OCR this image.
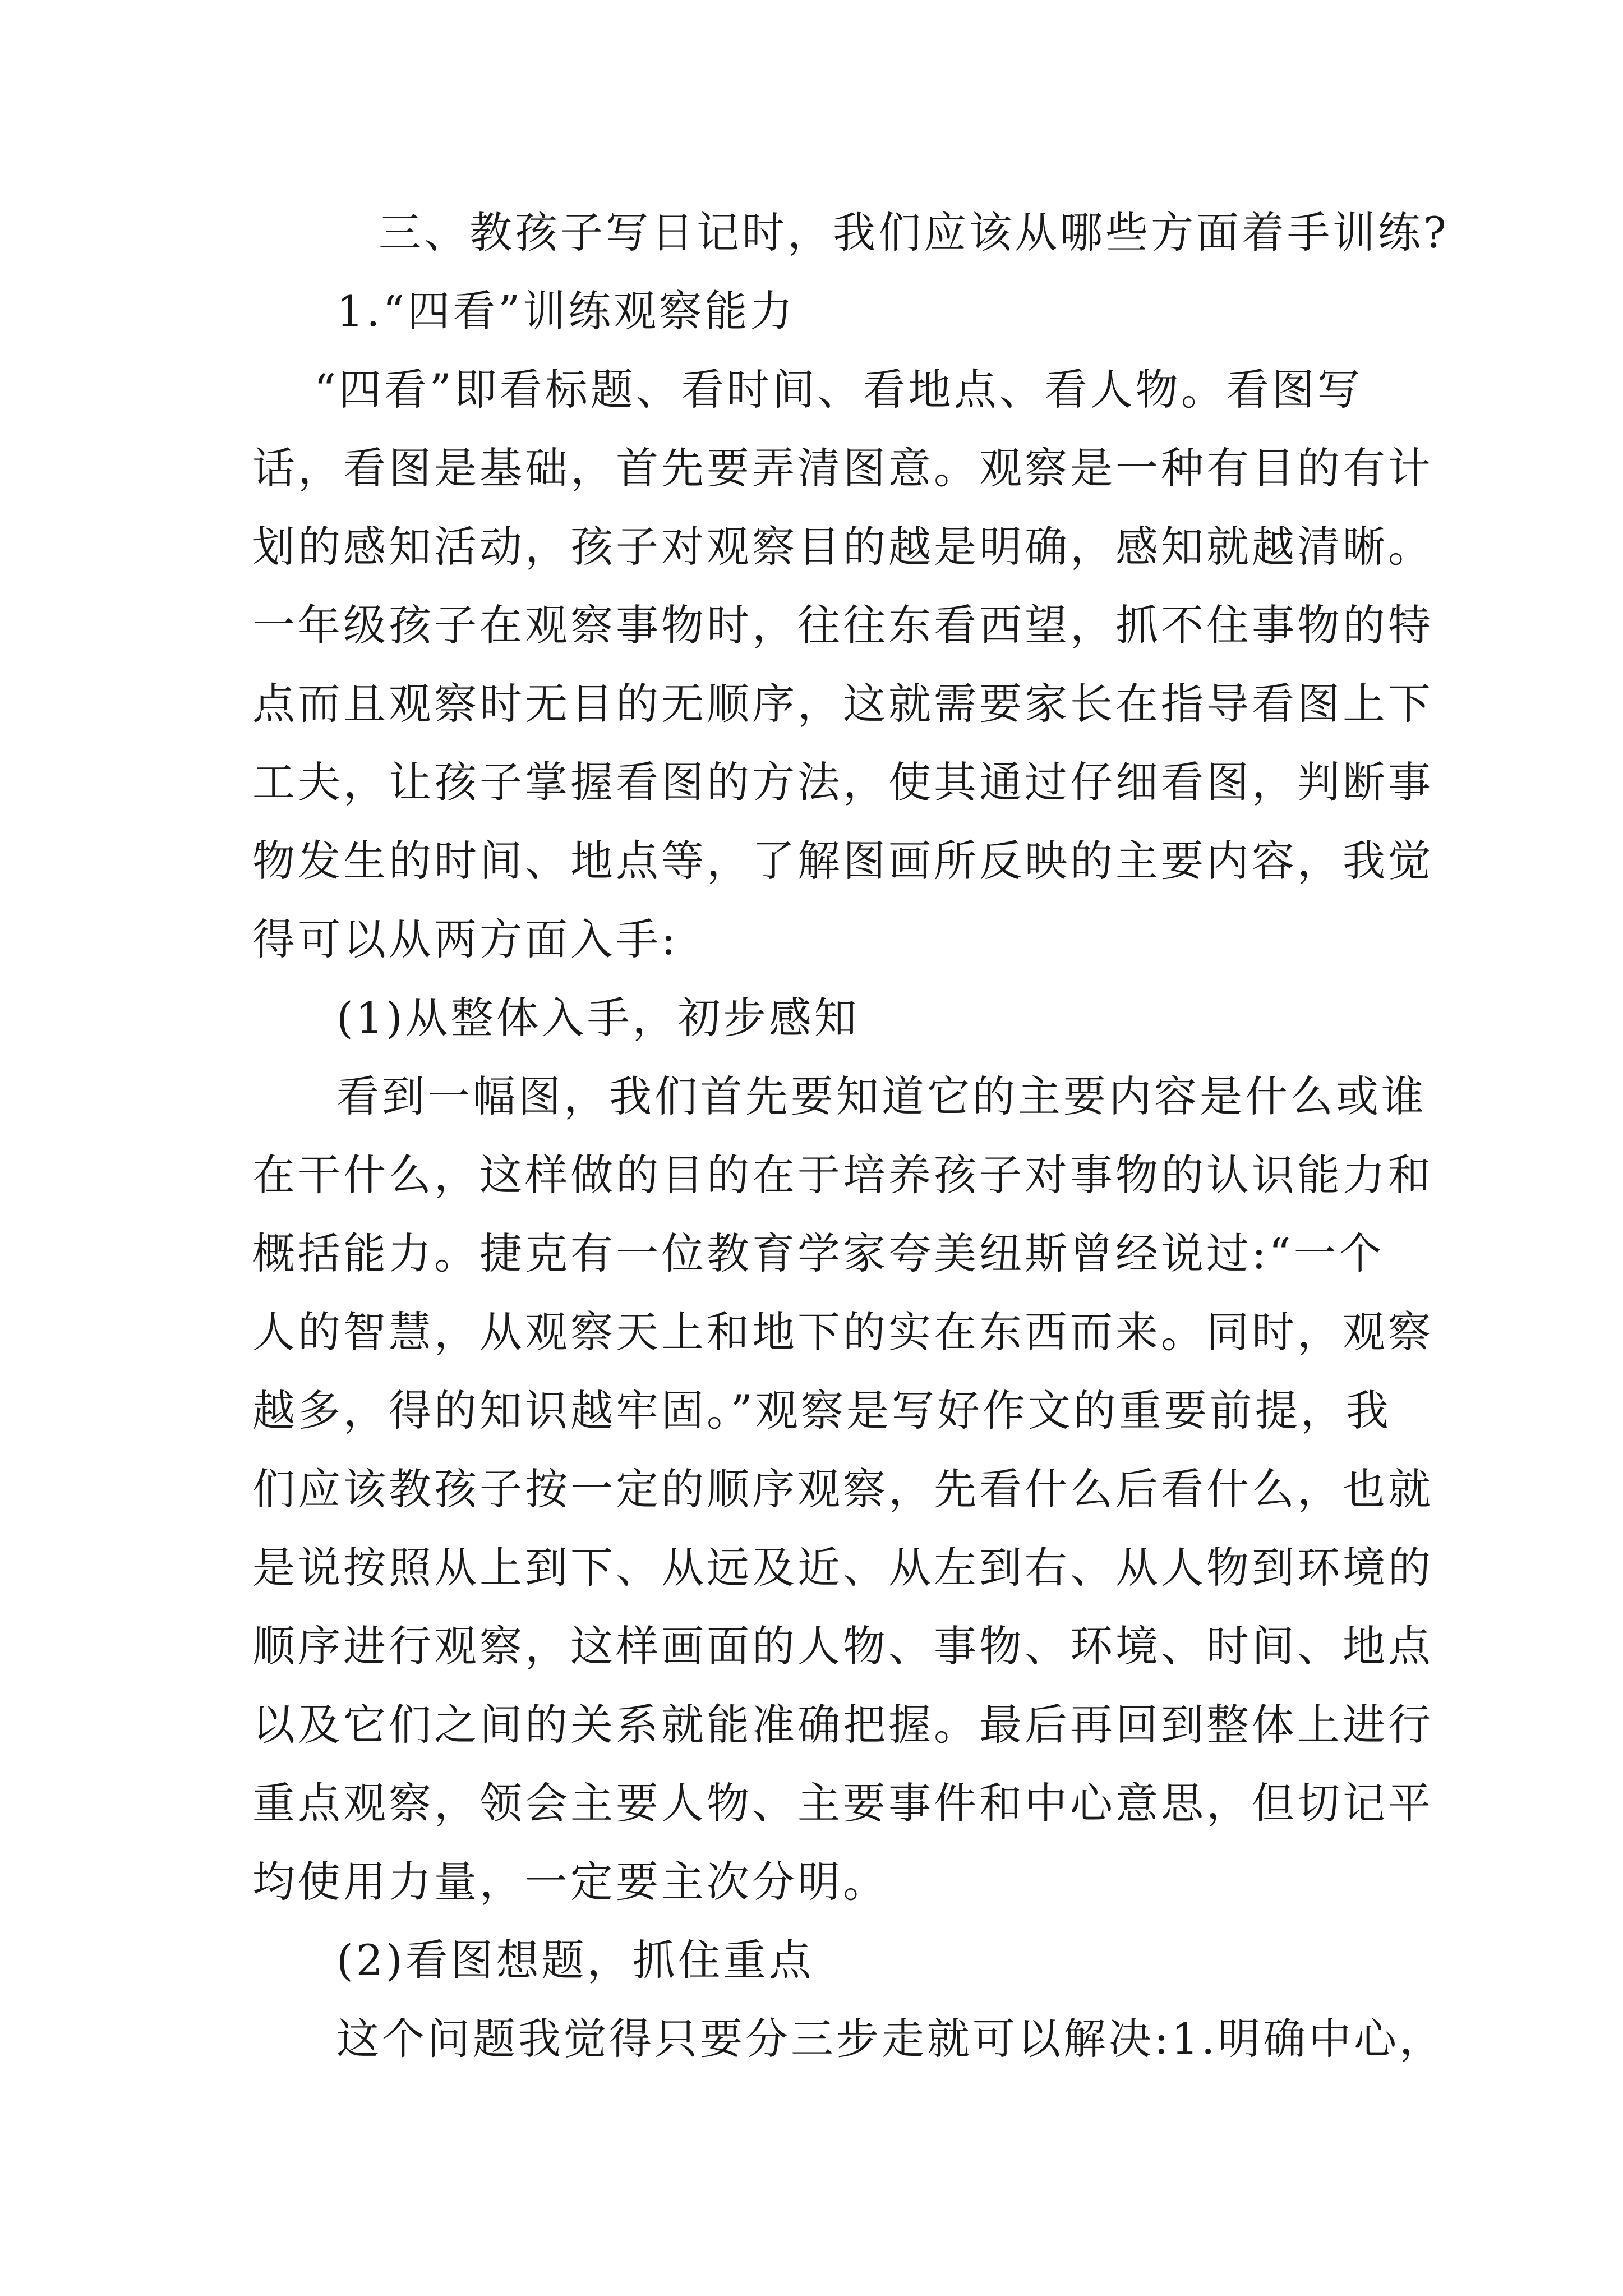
三、教孩子写日记时，我们应该从哪些方面着手训练?
1.“四看”训练观察能力
“四看”即看标题、看时间、看地点、看人物。看图写
话，看图是基础，首先要弄清图意。观察是一种有目的有计
划的感知活动，孩子对观察目的越是明确，感知就越清晰。
一年级孩子在观察事物时，往往东看西望，抓不住事物的特
点而且观察时无目的无顺序，这就需要家长在指导看图上下
工夫，让孩子掌握看图的方法，使其通过仔细看图，判断事
物发生的时间、地点等，了解图画所反映的主要内容，我觉
得可以从两方面入手:
(1)从整体入手，初步感知
看到一幅图，我们首先要知道它的主要内容是什么或谁
在干什么，这样做的目的在于培养孩子对事物的认识能力和
概括能力。捷克有一位教育学家夸美纽斯曾经说过:“一个
人的智慧，从观察天上和地下的实在东西而来。同时，观察
越多，得的知识越牢固。”观察是写好作文的重要前提，我
们应该教孩子按一定的顺序观察，先看什么后看什么，也就
是说按照从上到下、从远及近、从左到右、从人物到环境的
顺序进行观察，这样画面的人物、事物、环境、时间、地点
以及它们之间的关系就能准确把握。最后再回到整体上进行
重点观察，领会主要人物、主要事件和中心意思，但切记平
均使用力量，一定要主次分明。
(2)看图想题，抓住重点
这个问题我觉得只要分三步走就可以解决:1.明确中心，
